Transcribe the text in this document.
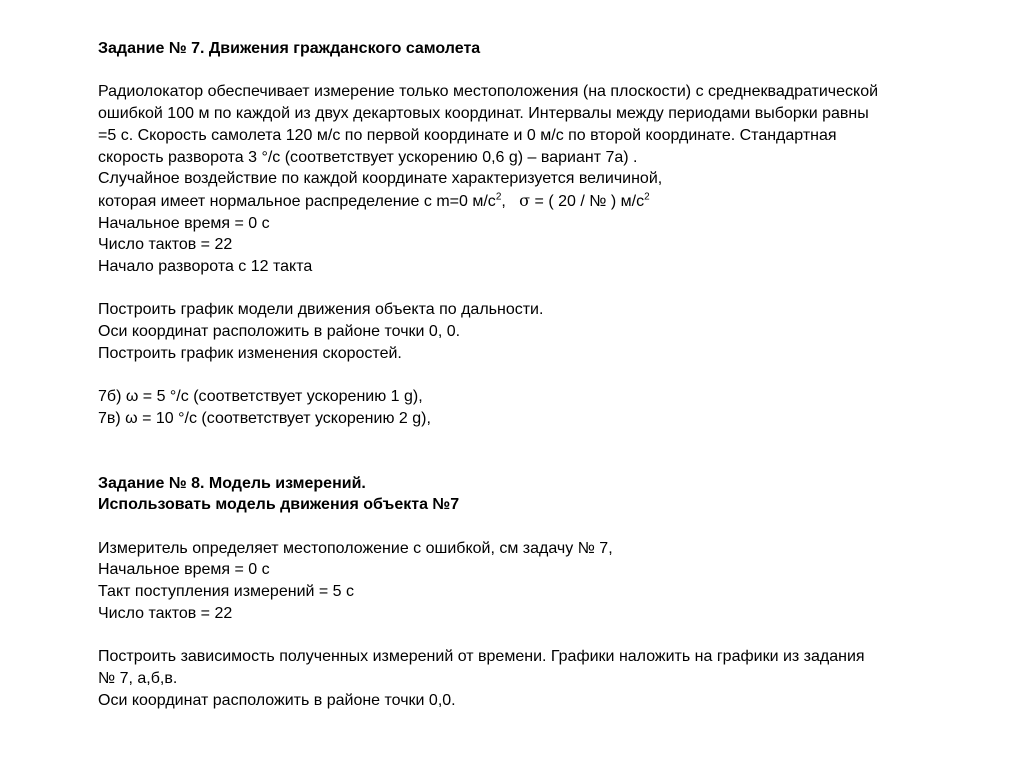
Задание № 7. Движения гражданского самолета
Радиолокатор обеспечивает измерение только местоположения (на плоскости) с среднеквадратической
ошибкой 100 м по каждой из двух декартовых координат. Интервалы между периодами выборки равны
=5 с. Скорость самолета 120 м/с по первой координате и 0 м/с по второй координате. Стандартная
скорость разворота 3 °/с (соответствует ускорению 0,6 g) – вариант 7а) .
Случайное воздействие по каждой координате характеризуется величиной,
которая имеет нормальное распределение с m=0 $м/с^2$, σ = ( 20 / № ) $м/с^2$
Начальное время = 0 с
Число тактов = 22
Начало разворота с 12 такта
Построить график модели движения объекта по дальности.
Оси координат расположить в районе точки 0, 0.
Построить график изменения скоростей.
7б) ω = 5 °/с (соответствует ускорению 1 g),
7в) ω = 10 °/с (соответствует ускорению 2 g),
Задание № 8. Модель измерений.
Использовать модель движения объекта №7
Измеритель определяет местоположение с ошибкой, см задачу № 7,
Начальное время = 0 с
Такт поступления измерений = 5 с
Число тактов = 22
Построить зависимость полученных измерений от времени. Графики наложить на графики из задания
№ 7, а,б,в.
Оси координат расположить в районе точки 0,0.
